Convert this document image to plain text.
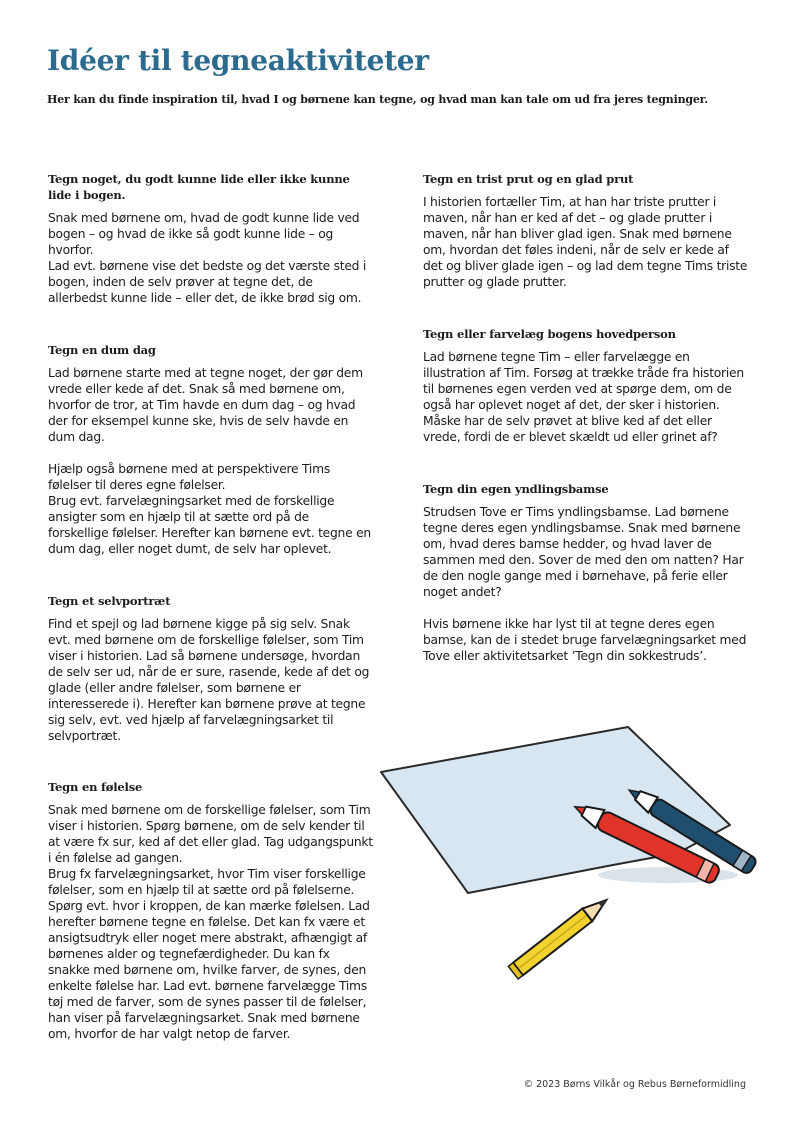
Idéer til tegneaktiviteter

Her kan du finde inspiration til, hvad I og børnene kan tegne, og hvad man kan tale om ud fra jeres tegninger.

Tegn noget, du godt kunne lide eller ikke kunne lide i bogen.

Snak med børnene om, hvad de godt kunne lide ved bogen – og hvad de ikke så godt kunne lide – og hvorfor.

Lad evt. børnene vise det bedste og det værste sted i bogen, inden de selv prøver at tegne det, de allerbedst kunne lide – eller det, de ikke brød sig om.

Tegn en dum dag

Lad børnene starte med at tegne noget, der gør dem vrede eller kede af det. Snak så med børnene om, hvorfor de tror, at Tim havde en dum dag – og hvad der for eksempel kunne ske, hvis de selv havde en dum dag.

Hjælp også børnene med at perspektivere Tims følelser til deres egne følelser.

Brug evt. farvelægningsarket med de forskellige ansigter som en hjælp til at sætte ord på de forskellige følelser. Herefter kan børnene evt. tegne en dum dag, eller noget dumt, de selv har oplevet.

Tegn et selvportræt

Find et spejl og lad børnene kigge på sig selv. Snak evt. med børnene om de forskellige følelser, som Tim viser i historien. Lad så børnene undersøge, hvordan de selv ser ud, når de er sure, rasende, kede af det og glade (eller andre følelser, som børnene er interesserede i). Herefter kan børnene prøve at tegne sig selv, evt. ved hjælp af farvelægningsarket til selvportræt.

Tegn en følelse

Snak med børnene om de forskellige følelser, som Tim viser i historien. Spørg børnene, om de selv kender til at være fx sur, ked af det eller glad. Tag udgangspunkt i én følelse ad gangen.

Brug fx farvelægningsarket, hvor Tim viser forskellige følelser, som en hjælp til at sætte ord på følelserne. Spørg evt. hvor i kroppen, de kan mærke følelsen. Lad herefter børnene tegne en følelse. Det kan fx være et ansigtsudtryk eller noget mere abstrakt, afhængigt af børnenes alder og tegnefærdigheder. Du kan fx snakke med børnene om, hvilke farver, de synes, den enkelte følelse har. Lad evt. børnene farvelægge Tims tøj med de farver, som de synes passer til de følelser, han viser på farvelægningsarket. Snak med børnene om, hvorfor de har valgt netop de farver.

Tegn en trist prut og en glad prut

I historien fortæller Tim, at han har triste prutter i maven, når han er ked af det – og glade prutter i maven, når han bliver glad igen. Snak med børnene om, hvordan det føles indeni, når de selv er kede af det og bliver glade igen – og lad dem tegne Tims triste prutter og glade prutter.

Tegn eller farvelæg bogens hovedperson

Lad børnene tegne Tim – eller farvelægge en illustration af Tim. Forsøg at trække tråde fra historien til børnenes egen verden ved at spørge dem, om de også har oplevet noget af det, der sker i historien. Måske har de selv prøvet at blive ked af det eller vrede, fordi de er blevet skældt ud eller grinet af?

Tegn din egen yndlingsbamse

Strudsen Tove er Tims yndlingsbamse. Lad børnene tegne deres egen yndlingsbamse. Snak med børnene om, hvad deres bamse hedder, og hvad laver de sammen med den. Sover de med den om natten? Har de den nogle gange med i børnehave, på ferie eller noget andet?

Hvis børnene ikke har lyst til at tegne deres egen bamse, kan de i stedet bruge farvelægningsarket med Tove eller aktivitetsarket ’Tegn din sokkestruds’.

© 2023 Børns Vilkår og Rebus Børneformidling
